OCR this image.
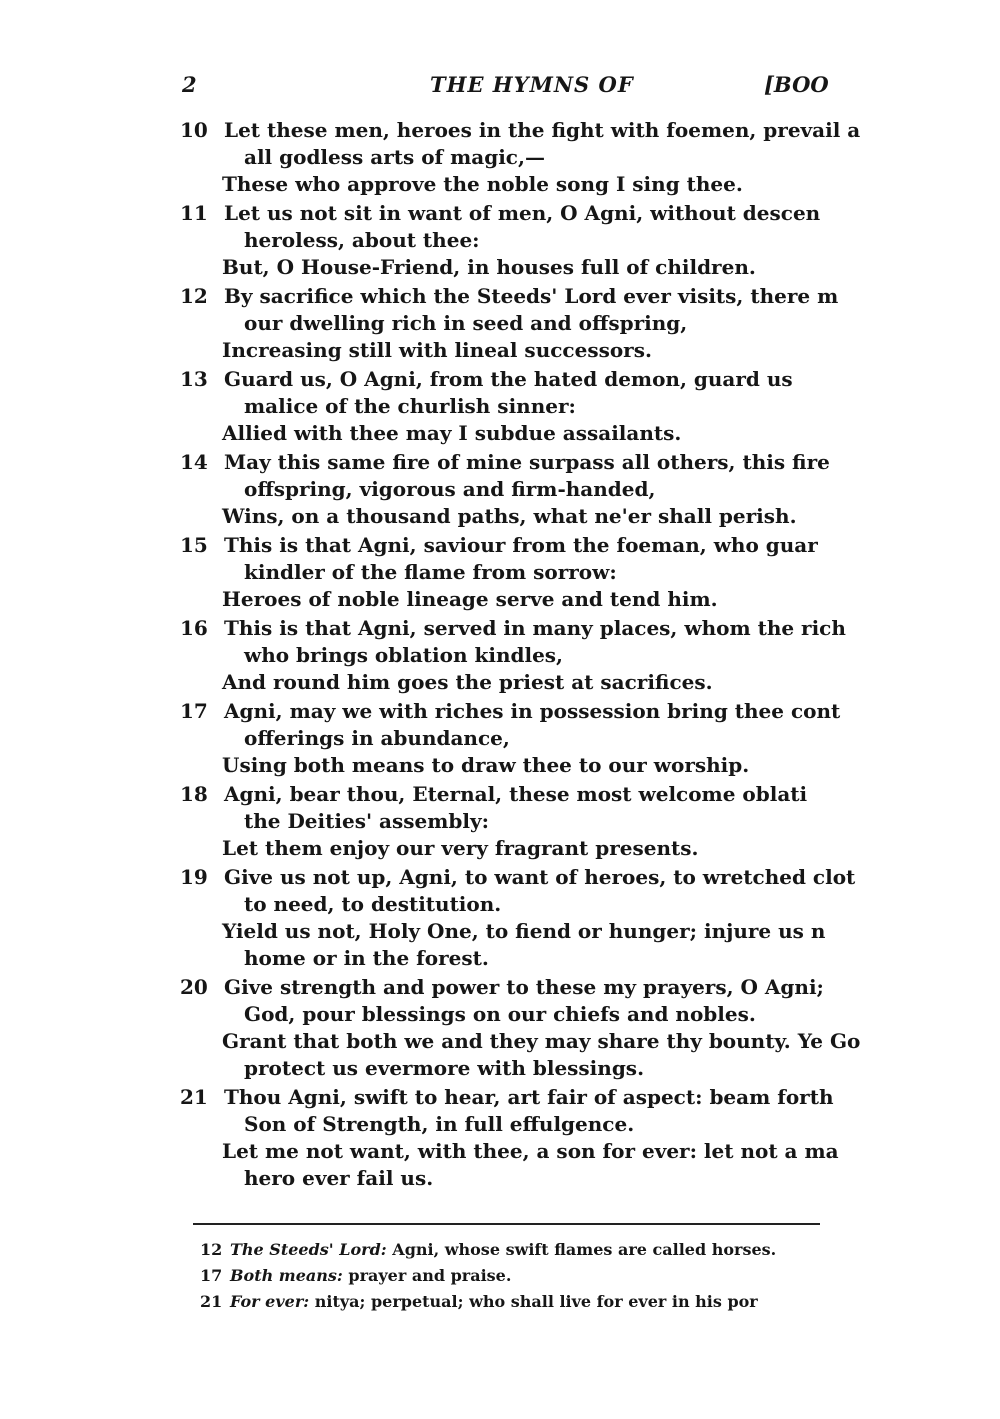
2	THE HYMNS OF	[BOO
10 Let these men, heroes in the fight with foemen, prevail a
all godless arts of magic,—
These who approve the noble song I sing thee.
11 Let us not sit in want of men, O Agni, without descen
heroless, about thee:
But, O House-Friend, in houses full of children.
12 By sacrifice which the Steeds' Lord ever visits, there m
our dwelling rich in seed and offspring,
Increasing still with lineal successors.
13 Guard us, O Agni, from the hated demon, guard us
malice of the churlish sinner:
Allied with thee may I subdue assailants.
14 May this same fire of mine surpass all others, this fire
offspring, vigorous and firm-handed,
Wins, on a thousand paths, what ne'er shall perish.
15 This is that Agni, saviour from the foeman, who guar
kindler of the flame from sorrow:
Heroes of noble lineage serve and tend him.
16 This is that Agni, served in many places, whom the rich
who brings oblation kindles,
And round him goes the priest at sacrifices.
17 Agni, may we with riches in possession bring thee cont
offerings in abundance,
Using both means to draw thee to our worship.
18 Agni, bear thou, Eternal, these most welcome oblati
the Deities' assembly:
Let them enjoy our very fragrant presents.
19 Give us not up, Agni, to want of heroes, to wretched clot
to need, to destitution.
Yield us not, Holy One, to fiend or hunger; injure us n
home or in the forest.
20 Give strength and power to these my prayers, O Agni;
God, pour blessings on our chiefs and nobles.
Grant that both we and they may share thy bounty. Ye Go
protect us evermore with blessings.
21 Thou Agni, swift to hear, art fair of aspect: beam forth
Son of Strength, in full effulgence.
Let me not want, with thee, a son for ever: let not a ma
hero ever fail us.
12 The Steeds' Lord: Agni, whose swift flames are called horses.
17 Both means: prayer and praise.
21 For ever: nitya; perpetual; who shall live for ever in his por
